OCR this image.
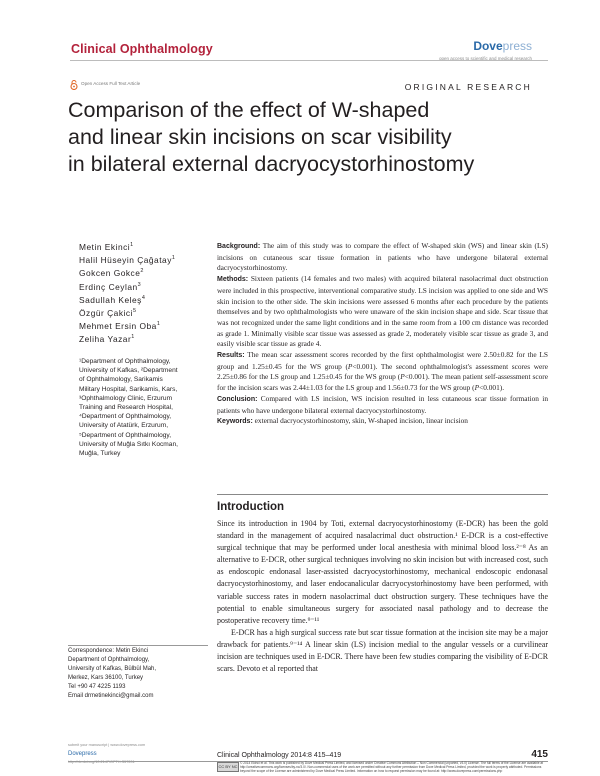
Clinical Ophthalmology	Dovepress
open access to scientific and medical research
Open Access Full Text Article	ORIGINAL RESEARCH
Comparison of the effect of W-shaped
and linear skin incisions on scar visibility
in bilateral external dacryocystorhinostomy
Metin Ekinci$^1$
Halil Hüseyin Çağatay$^1$
Gokcen Gokce$^2$
Erdinç Ceylan$^3$
Sadullah Keleş$^4$
Özgür Çakici$^5$
Mehmet Ersin Oba$^1$
Zeliha Yazar$^1$
¹Department of Ophthalmology,
University of Kafkas, ²Department
of Ophthalmology, Sarikamis
Military Hospital, Sarikamis, Kars,
³Ophthalmology Clinic, Erzurum
Training and Research Hospital,
⁴Department of Ophthalmology,
University of Atatürk, Erzurum,
⁵Department of Ophthalmology,
University of Muğla Sıtkı Kocman,
Muğla, Turkey
Correspondence: Metin Ekinci
Department of Ophthalmology,
University of Kafkas, Bülbül Mah,
Merkez, Kars 36100, Turkey
Tel +90 47 4225 1193
Email drmetinekinci@gmail.com

Background: The aim of this study was to compare the effect of W-shaped skin (WS) and linear skin (LS) incisions on cutaneous scar tissue formation in patients who have undergone bilateral external dacryocystorhinostomy.

Methods: Sixteen patients (14 females and two males) with acquired bilateral nasolacrimal duct obstruction were included in this prospective, interventional comparative study. LS incision was applied to one side and WS skin incision to the other side. The skin incisions were assessed 6 months after each procedure by the patients themselves and by two ophthalmologists who were unaware of the skin incision shape and side. Scar tissue that was not recognized under the same light conditions and in the same room from a 100 cm distance was recorded as grade 1. Minimally visible scar tissue was assessed as grade 2, moderately visible scar tissue as grade 3, and easily visible scar tissue as grade 4.

Results: The mean scar assessment scores recorded by the first ophthalmologist were 2.50±0.82 for the LS group and 1.25±0.45 for the WS group (P<0.001). The second ophthalmologist's assessment scores were 2.25±0.86 for the LS group and 1.25±0.45 for the WS group (P<0.001). The mean patient self-assessment score for the incision scars was 2.44±1.03 for the LS group and 1.56±0.73 for the WS group (P<0.001).

Conclusion: Compared with LS incision, WS incision resulted in less cutaneous scar tissue formation in patients who have undergone bilateral external dacryocystorhinostomy.

Keywords: external dacryocystorhinostomy, skin, W-shaped incision, linear incision

Introduction

Since its introduction in 1904 by Toti, external dacryocystorhinostomy (E-DCR) has been the gold standard in the management of acquired nasalacrimal duct obstruction.¹ E-DCR is a cost-effective surgical technique that may be performed under local anesthesia with minimal blood loss.²⁻⁸ As an alternative to E-DCR, other surgical techniques involving no skin incision but with increased cost, such as endoscopic endonasal laser-assisted dacryocystorhinostomy, mechanical endoscopic endonasal dacryocystorhinostomy, and laser endocanalicular dacryocystorhinostomy have been performed, with variable success rates in modern nasolacrimal duct obstruction surgery. These techniques have the potential to enable simultaneous surgery for associated nasal pathology and to decrease the postoperative recovery time.⁹⁻¹¹

E-DCR has a high surgical success rate but scar tissue formation at the incision site may be a major drawback for patients.⁹⁻¹⁴ A linear skin (LS) incision medial to the angular vessels or a curvilinear incision are techniques used in E-DCR. There have been few studies comparing the visibility of E-DCR scars. Devoto et al reported that

submit your manuscript | www.dovepress.com
Dovepress
http://dx.doi.org/10.2147/OPTH.S57201
Clinical Ophthalmology 2014:8 415–419	415
CC BY NC
© 2014 Ekinci et al. This work is published by Dove Medical Press Limited, and licensed under Creative Commons Attribution – Non Commercial (unported, v3.0) License. The full terms of the License are available at http://creativecommons.org/licenses/by-nc/3.0/. Non-commercial uses of the work are permitted without any further permission from Dove Medical Press Limited, provided the work is properly attributed. Permissions beyond the scope of the License are administered by Dove Medical Press Limited. Information on how to request permission may be found at: http://www.dovepress.com/permissions.php
